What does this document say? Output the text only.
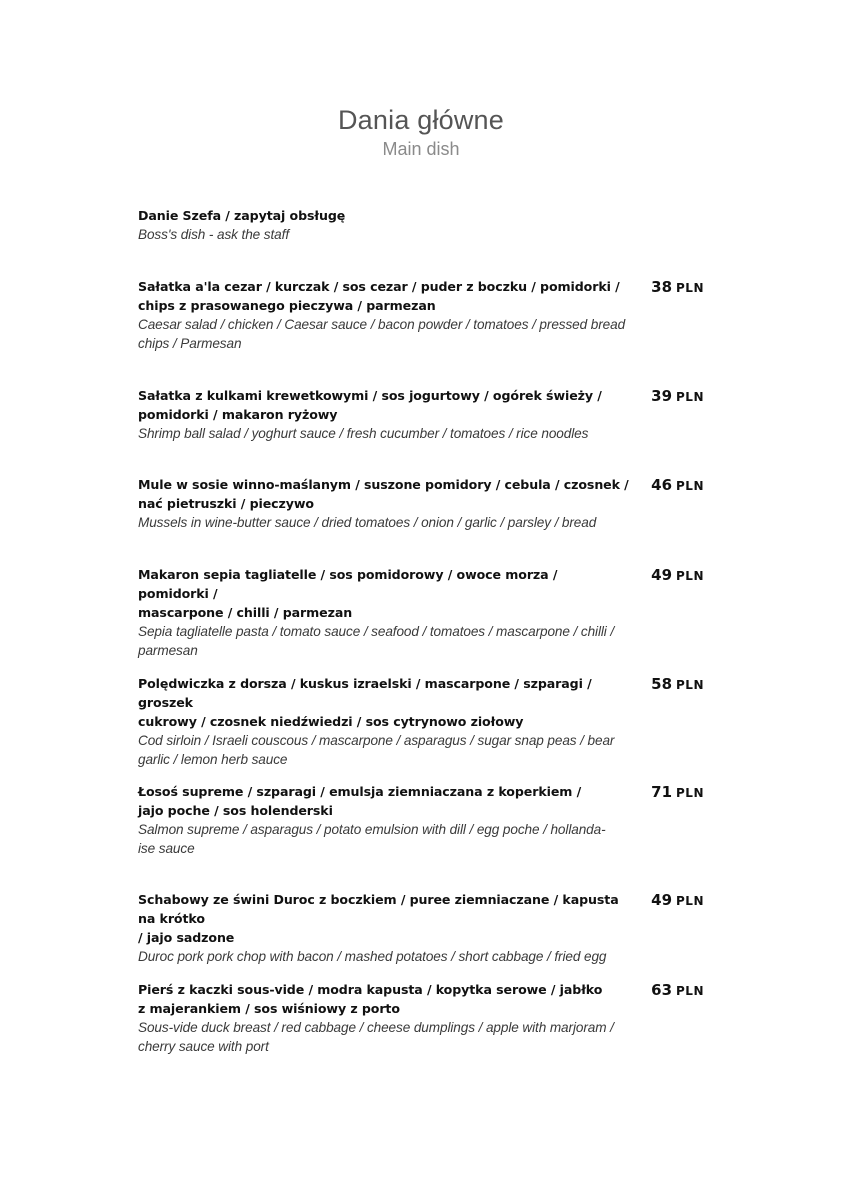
Dania główne
Main dish
Danie Szefa / zapytaj obsługę
Boss's dish - ask the staff
Sałatka a'la cezar / kurczak / sos cezar / puder z boczku / pomidorki /
chips z prasowanego pieczywa / parmezan
Caesar salad / chicken / Caesar sauce / bacon powder / tomatoes / pressed bread
chips / Parmesan
38 PLN
Sałatka z kulkami krewetkowymi / sos jogurtowy / ogórek świeży /
pomidorki / makaron ryżowy
Shrimp ball salad / yoghurt sauce / fresh cucumber / tomatoes / rice noodles
39 PLN
Mule w sosie winno-maślanym / suszone pomidory / cebula / czosnek /
nać pietruszki / pieczywo
Mussels in wine-butter sauce / dried tomatoes / onion / garlic / parsley / bread
46 PLN
Makaron sepia tagliatelle / sos pomidorowy / owoce morza / pomidorki /
mascarpone / chilli / parmezan
Sepia tagliatelle pasta / tomato sauce / seafood / tomatoes / mascarpone / chilli /
parmesan
49 PLN
Polędwiczka z dorsza / kuskus izraelski / mascarpone / szparagi / groszek
cukrowy / czosnek niedźwiedzi / sos cytrynowo ziołowy
Cod sirloin / Israeli couscous / mascarpone / asparagus / sugar snap peas / bear
garlic / lemon herb sauce
58 PLN
Łosoś supreme / szparagi / emulsja ziemniaczana z koperkiem /
jajo poche / sos holenderski
Salmon supreme / asparagus / potato emulsion with dill / egg poche / hollanda-
ise sauce
71 PLN
Schabowy ze świni Duroc z boczkiem / puree ziemniaczane / kapusta na krótko
/ jajo sadzone
Duroc pork pork chop with bacon / mashed potatoes / short cabbage / fried egg
49 PLN
Pierś z kaczki sous-vide / modra kapusta / kopytka serowe / jabłko
z majerankiem / sos wiśniowy z porto
Sous-vide duck breast / red cabbage / cheese dumplings / apple with marjoram /
cherry sauce with port
63 PLN
